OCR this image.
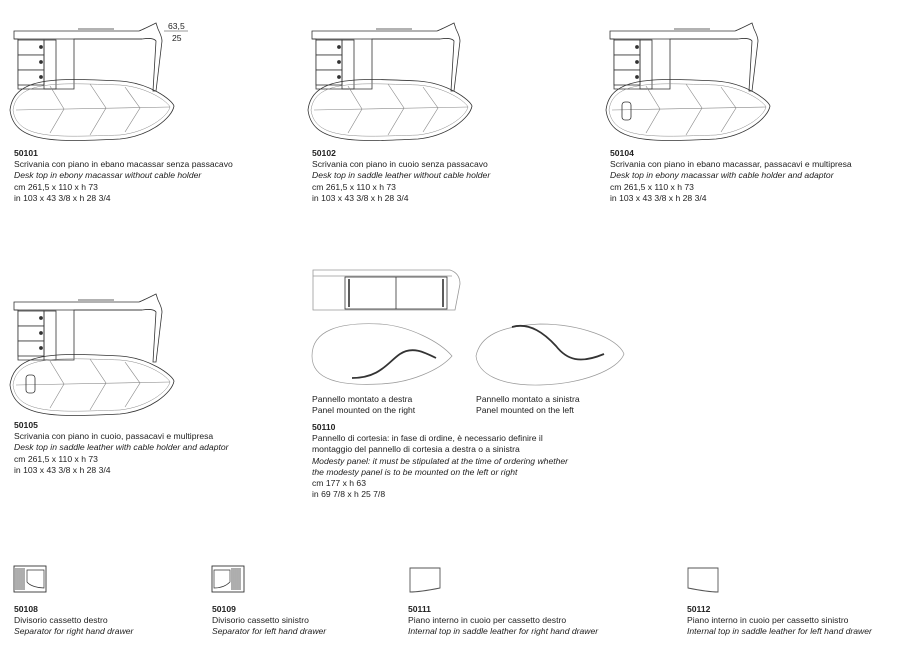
63,5
25
50101
Scrivania con piano in ebano macassar senza passacavo
Desk top in ebony macassar without cable holder
cm 261,5 x 110 x h 73
in 103 x 43 3/8 x h 28 3/4
50102
Scrivania con piano in cuoio senza passacavo
Desk top in saddle leather without cable holder
cm 261,5 x 110 x h 73
in 103 x 43 3/8 x h 28 3/4
50104
Scrivania con piano in ebano macassar, passacavi e multipresa
Desk top in ebony macassar with cable holder and adaptor
cm 261,5 x 110 x h 73
in 103 x 43 3/8 x h 28 3/4
50105
Scrivania con piano in cuoio, passacavi e multipresa
Desk top in saddle leather with cable holder and adaptor
cm 261,5 x 110 x h 73
in 103 x 43 3/8 x h 28 3/4
Pannello montato a destra
Panel mounted on the right
Pannello montato a sinistra
Panel mounted on the left
50110
Pannello di cortesia: in fase di ordine, è necessario definire il
montaggio del pannello di cortesia a destra o a sinistra
Modesty panel: it must be stipulated at the time of ordering whether
the modesty panel is to be mounted on the left or right
cm 177 x h 63
in 69 7/8 x h 25 7/8
50108
Divisorio cassetto destro
Separator for right hand drawer
50109
Divisorio cassetto sinistro
Separator for left hand drawer
50111
Piano interno in cuoio per cassetto destro
Internal top in saddle leather for right hand drawer
50112
Piano interno in cuoio per cassetto sinistro
Internal top in saddle leather for left hand drawer
